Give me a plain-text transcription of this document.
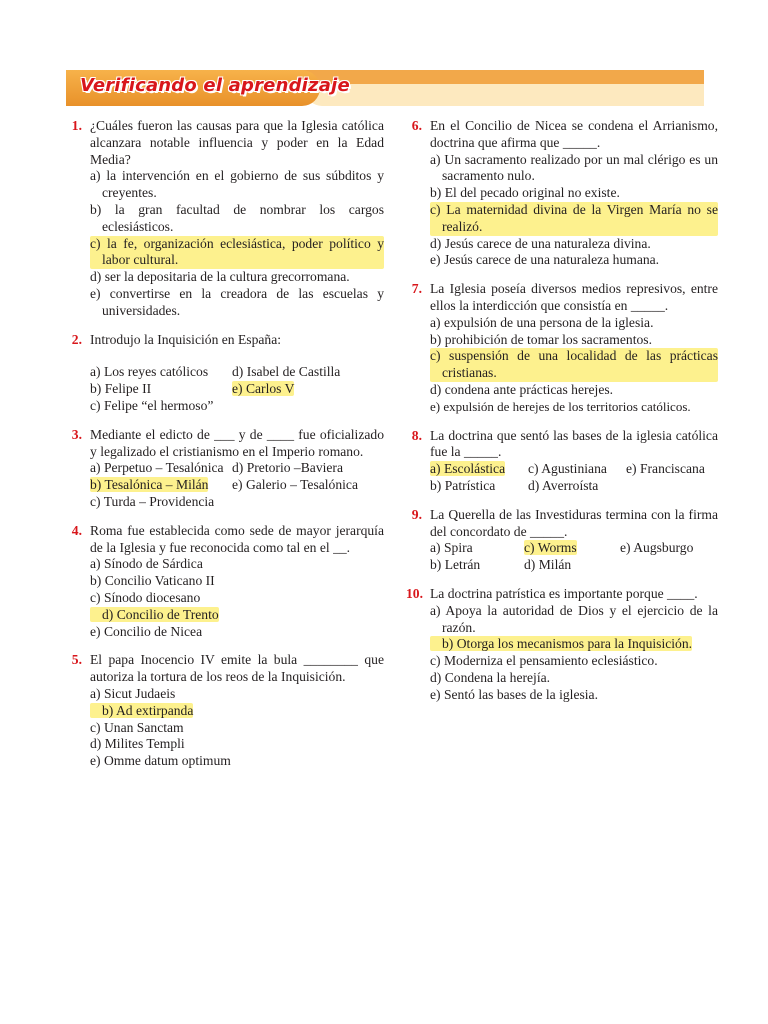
Verificando el aprendizaje
1. ¿Cuáles fueron las causas para que la Iglesia católica alcanzara notable influencia y poder en la Edad Media?
a) la intervención en el gobierno de sus súbditos y creyentes.
b) la gran facultad de nombrar los cargos eclesiásticos.
c) la fe, organización eclesiástica, poder político y labor cultural.
d) ser la depositaria de la cultura grecorromana.
e) convertirse en la creadora de las escuelas y universidades.
2. Introdujo la Inquisición en España:
a) Los reyes católicos	d) Isabel de Castilla
b) Felipe II	e) Carlos V
c) Felipe “el hermoso”
3. Mediante el edicto de ___ y de ____ fue oficializado y legalizado el cristianismo en el Imperio romano.
a) Perpetuo – Tesalónica d) Pretorio –Baviera
b) Tesalónica – Milán	e) Galerio – Tesalónica
c) Turda – Providencia
4. Roma fue establecida como sede de mayor jerarquía de la Iglesia y fue reconocida como tal en el __.
a) Sínodo de Sárdica
b) Concilio Vaticano II
c) Sínodo diocesano
d) Concilio de Trento
e) Concilio de Nicea
5. El papa Inocencio IV emite la bula ________ que autoriza la tortura de los reos de la Inquisición.
a) Sicut Judaeis
b) Ad extirpanda
c) Unan Sanctam
d) Milites Templi
e) Omme datum optimum
6. En el Concilio de Nicea se condena el Arrianismo, doctrina que afirma que _____.
a) Un sacramento realizado por un mal clérigo es un sacramento nulo.
b) El del pecado original no existe.
c) La maternidad divina de la Virgen María no se realizó.
d) Jesús carece de una naturaleza divina.
e) Jesús carece de una naturaleza humana.
7. La Iglesia poseía diversos medios represivos, entre ellos la interdicción que consistía en _____.
a) expulsión de una persona de la iglesia.
b) prohibición de tomar los sacramentos.
c) suspensión de una localidad de las prácticas cristianas.
d) condena ante prácticas herejes.
e) expulsión de herejes de los territorios católicos.
8. La doctrina que sentó las bases de la iglesia católica fue la _____.
a) Escolástica	c) Agustiniana	e) Franciscana
b) Patrística	d) Averroísta
9. La Querella de las Investiduras termina con la firma del concordato de _____.
a) Spira	c) Worms	e) Augsburgo
b) Letrán	d) Milán
10. La doctrina patrística es importante porque ____.
a) Apoya la autoridad de Dios y el ejercicio de la razón.
b) Otorga los mecanismos para la Inquisición.
c) Moderniza el pensamiento eclesiástico.
d) Condena la herejía.
e) Sentó las bases de la iglesia.
